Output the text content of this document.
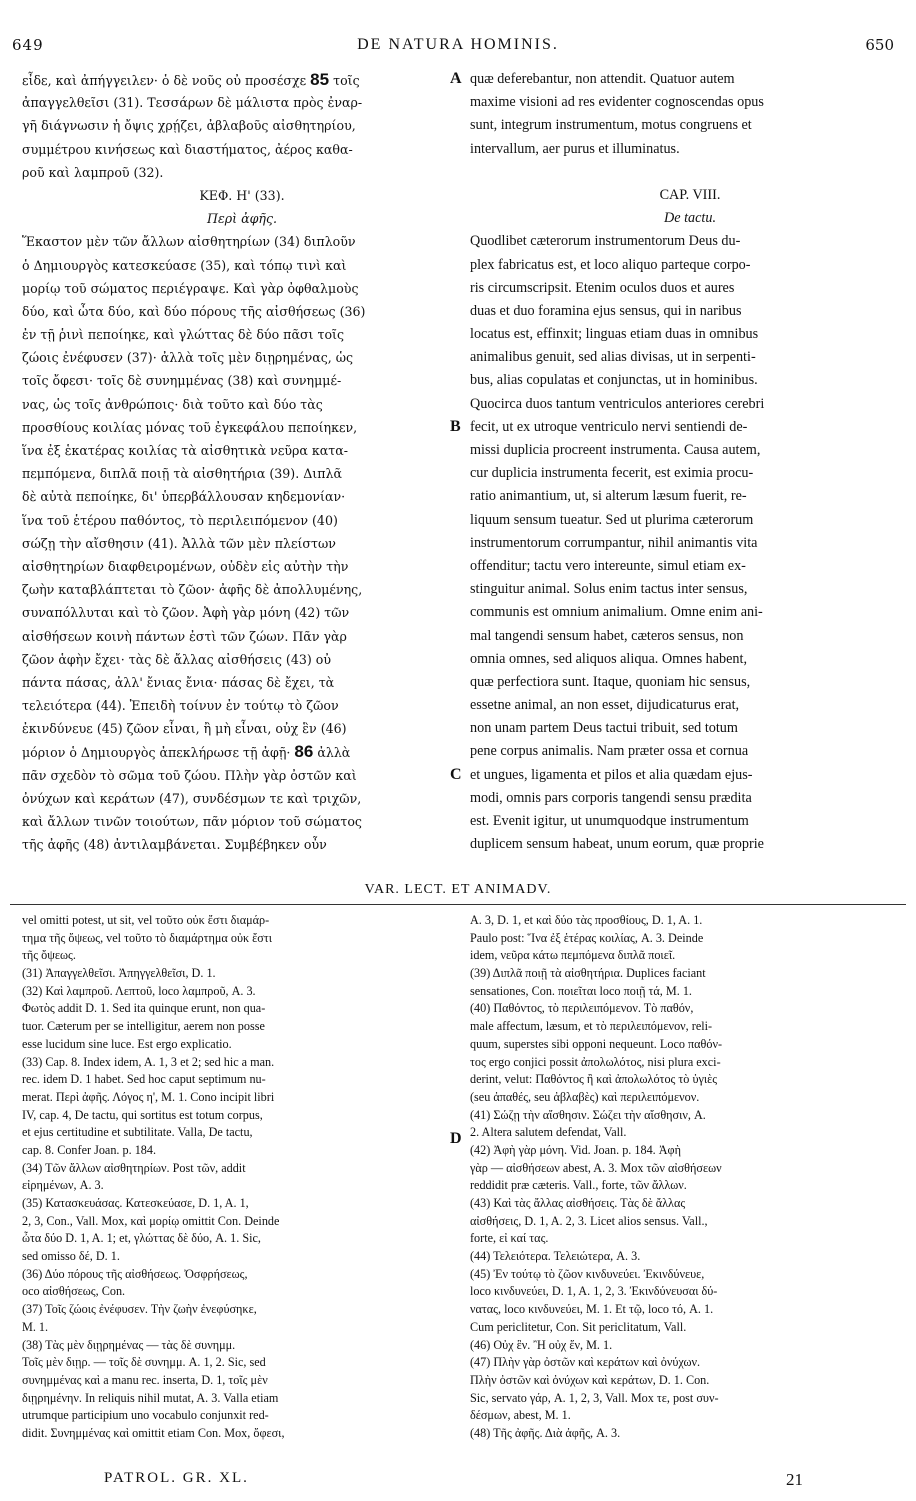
649	DE NATURA HOMINIS.	650
εἶδε, καὶ ἀπήγγειλεν· ὁ δὲ νοῦς οὐ προσέσχε 85 τοῖς
ἀπαγγελθεῖσι (31). Τεσσάρων δὲ μάλιστα πρὸς ἐναρ-
γῆ διάγνωσιν ἡ ὄψις χρῄζει, ἀβλαβοῦς αἰσθητηρίου,
συμμέτρου κινήσεως καὶ διαστήματος, ἀέρος καθα-
ροῦ καὶ λαμπροῦ (32).
ΚΕΦ. Η' (33).
Περὶ ἀφῆς.
Ἕκαστον μὲν τῶν ἄλλων αἰσθητηρίων (34) διπλοῦν
ὁ Δημιουργὸς κατεσκεύασε (35), καὶ τόπῳ τινὶ καὶ
μορίῳ τοῦ σώματος περιέγραψε. Καὶ γὰρ ὀφθαλμοὺς
δύο, καὶ ὦτα δύο, καὶ δύο πόρους τῆς αἰσθήσεως (36)
ἐν τῇ ῥινὶ πεποίηκε, καὶ γλώττας δὲ δύο πᾶσι τοῖς
ζώοις ἐνέφυσεν (37)· ἀλλὰ τοῖς μὲν διῃρημένας, ὡς
τοῖς ὄφεσι· τοῖς δὲ συνημμένας (38) καὶ συνημμέ-
νας, ὡς τοῖς ἀνθρώποις· διὰ τοῦτο καὶ δύο τὰς
προσθίους κοιλίας μόνας τοῦ ἐγκεφάλου πεποίηκεν,
ἵνα ἐξ ἑκατέρας κοιλίας τὰ αἰσθητικὰ νεῦρα κατα-
πεμπόμενα, διπλᾶ ποιῇ τὰ αἰσθητήρια (39). Διπλᾶ
δὲ αὐτὰ πεποίηκε, δι' ὑπερβάλλουσαν κηδεμονίαν·
ἵνα τοῦ ἑτέρου παθόντος, τὸ περιλειπόμενον (40)
σώζῃ τὴν αἴσθησιν (41). Ἀλλὰ τῶν μὲν πλείστων
αἰσθητηρίων διαφθειρομένων, οὐδὲν εἰς αὐτὴν τὴν
ζωὴν καταβλάπτεται τὸ ζῶον· ἀφῆς δὲ ἀπολλυμένης,
συναπόλλυται καὶ τὸ ζῶον. Ἀφὴ γὰρ μόνη (42) τῶν
αἰσθήσεων κοινὴ πάντων ἐστὶ τῶν ζώων. Πᾶν γὰρ
ζῶον ἁφὴν ἔχει· τὰς δὲ ἄλλας αἰσθήσεις (43) οὐ
πάντα πάσας, ἀλλ' ἔνιας ἔνια· πάσας δὲ ἔχει, τὰ
τελειότερα (44). Ἐπειδὴ τοίνυν ἐν τούτῳ τὸ ζῶον
ἐκινδύνευε (45) ζῶον εἶναι, ἢ μὴ εἶναι, οὐχ ἓν (46)
μόριον ὁ Δημιουργὸς ἀπεκλήρωσε τῇ ἀφῇ· 86 ἀλλὰ
πᾶν σχεδὸν τὸ σῶμα τοῦ ζώου. Πλὴν γὰρ ὀστῶν καὶ
ὀνύχων καὶ κεράτων (47), συνδέσμων τε καὶ τριχῶν,
καὶ ἄλλων τινῶν τοιούτων, πᾶν μόριον τοῦ σώματος
τῆς ἀφῆς (48) ἀντιλαμβάνεται. Συμβέβηκεν οὖν
quæ deferebantur, non attendit. Quatuor autem
maxime visioni ad res evidenter cognoscendas opus
sunt, integrum instrumentum, motus congruens et
intervallum, aer purus et illuminatus.
CAP. VIII.
De tactu.
Quodlibet cæterorum instrumentorum Deus du-
plex fabricatus est, et loco aliquo parteque corpo-
ris circumscripsit. Etenim oculos duos et aures
duas et duo foramina ejus sensus, qui in naribus
locatus est, effinxit; linguas etiam duas in omnibus
animalibus genuit, sed alias divisas, ut in serpenti-
bus, alias copulatas et conjunctas, ut in hominibus.
Quocirca duos tantum ventriculos anteriores cerebri
fecit, ut ex utroque ventriculo nervi sentiendi de-
missi duplicia procreent instrumenta. Causa autem,
cur duplicia instrumenta fecerit, est eximia procu-
ratio animantium, ut, si alterum læsum fuerit, re-
liquum sensum tueatur. Sed ut plurima cæterorum
instrumentorum corrumpantur, nihil animantis vita
offenditur; tactu vero intereunte, simul etiam ex-
stinguitur animal. Solus enim tactus inter sensus,
communis est omnium animalium. Omne enim ani-
mal tangendi sensum habet, cæteros sensus, non
omnia omnes, sed aliquos aliqua. Omnes habent,
quæ perfectiora sunt. Itaque, quoniam hic sensus,
essetne animal, an non esset, dijudicaturus erat,
non unam partem Deus tactui tribuit, sed totum
pene corpus animalis. Nam præter ossa et cornua
et ungues, ligamenta et pilos et alia quædam ejus-
modi, omnis pars corporis tangendi sensu prædita
est. Evenit igitur, ut unumquodque instrumentum
duplicem sensum habeat, unum eorum, quæ proprie
A
B
C
D
VAR. LECT. ET ANIMADV.
vel omitti potest, ut sit, vel τοῦτο οὐκ ἔστι διαμάρ-
τημα τῆς ὄψεως, vel τοῦτο τὸ διαμάρτημα οὐκ ἔστι
τῆς ὄψεως.
(31) Ἀπαγγελθεῖσι. Ἀπηγγελθεῖσι, D. 1.
(32) Καὶ λαμπροῦ. Λεπτοῦ, loco λαμπροῦ, A. 3.
Φωτὸς addit D. 1. Sed ita quinque erunt, non qua-
tuor. Cæterum per se intelligitur, aerem non posse
esse lucidum sine luce. Est ergo explicatio.
(33) Cap. 8. Index idem, A. 1, 3 et 2; sed hic a man.
rec. idem D. 1 habet. Sed hoc caput septimum nu-
merat. Περὶ ἀφῆς. Λόγος η', M. 1. Cono incipit libri
IV, cap. 4, De tactu, qui sortitus est totum corpus,
et ejus certitudine et subtilitate. Valla, De tactu,
cap. 8. Confer Joan. p. 184.
(34) Τῶν ἄλλων αἰσθητηρίων. Post τῶν, addit
εἰρημένων, A. 3.
(35) Κατασκευάσας. Κατεσκεύασε, D. 1, A. 1,
2, 3, Con., Vall. Mox, καὶ μορίῳ omittit Con. Deinde
ὦτα δύο D. 1, A. 1; et, γλώττας δὲ δύο, A. 1. Sic,
sed omisso δέ, D. 1.
(36) Δύο πόρους τῆς αἰσθήσεως. Ὀσφρήσεως,
oco αἰσθήσεως, Con.
(37) Τοῖς ζώοις ἐνέφυσεν. Τὴν ζωὴν ἐνεφύσηκε,
M. 1.
(38) Τὰς μὲν διῃρημένας — τὰς δὲ συνημμ.
Τοῖς μὲν διῃρ. — τοῖς δὲ συνημμ. A. 1, 2. Sic, sed
συνημμένας καὶ a manu rec. inserta, D. 1, τοῖς μὲν
διῃρημένην. In reliquis nihil mutat, A. 3. Valla etiam
utrumque participium uno vocabulo conjunxit red-
didit. Συνημμένας καὶ omittit etiam Con. Mox, ὄφεσι,
A. 3, D. 1, et καὶ δύο τὰς προσθίους, D. 1, A. 1.
Paulo post: Ἵνα ἐξ ἑτέρας κοιλίας, A. 3. Deinde
idem, νεῦρα κάτω πεμπόμενα διπλᾶ ποιεῖ.
(39) Διπλᾶ ποιῇ τὰ αἰσθητήρια. Duplices faciant
sensationes, Con. ποιεῖται loco ποιῇ τά, M. 1.
(40) Παθόντος, τὸ περιλειπόμενον. Τὸ παθόν,
male affectum, læsum, et τὸ περιλειπόμενον, reli-
quum, superstes sibi opponi nequeunt. Loco παθόν-
τος ergo conjici possit ἀπολωλότος, nisi plura exci-
derint, velut: Παθόντος ἢ καὶ ἀπολωλότος τὸ ὑγιὲς
(seu ἀπαθές, seu ἀβλαβὲς) καὶ περιλειπόμενον.
(41) Σώζῃ τὴν αἴσθησιν. Σώζει τὴν αἴσθησιν, A.
2. Altera salutem defendat, Vall.
(42) Ἀφὴ γὰρ μόνη. Vid. Joan. p. 184. Ἀφὴ
γὰρ — αἰσθήσεων abest, A. 3. Mox τῶν αἰσθήσεων
reddidit præ cæteris. Vall., forte, τῶν ἄλλων.
(43) Καὶ τὰς ἄλλας αἰσθήσεις. Τὰς δὲ ἄλλας
αἰσθήσεις, D. 1, A. 2, 3. Licet alios sensus. Vall.,
forte, εἰ καί τας.
(44) Τελειότερα. Τελειώτερα, A. 3.
(45) Ἐν τούτῳ τὸ ζῶον κινδυνεύει. Ἐκινδύνευε,
loco κινδυνεύει, D. 1, A. 1, 2, 3. Ἐκινδύνευσαι δύ-
νατας, loco κινδυνεύει, M. 1. Et τῷ, loco τό, A. 1.
Cum periclitetur, Con. Sit periclitatum, Vall.
(46) Οὐχ ἓν. Ἢ οὐχ ἕν, M. 1.
(47) Πλὴν γὰρ ὀστῶν καὶ κεράτων καὶ ὀνύχων.
Πλὴν ὀστῶν καὶ ὀνύχων καὶ κεράτων, D. 1. Con.
Sic, servato γάρ, A. 1, 2, 3, Vall. Mox τε, post συν-
δέσμων, abest, M. 1.
(48) Τῆς ἀφῆς. Διὰ ἀφῆς, A. 3.
PATROL. GR. XL.	21
